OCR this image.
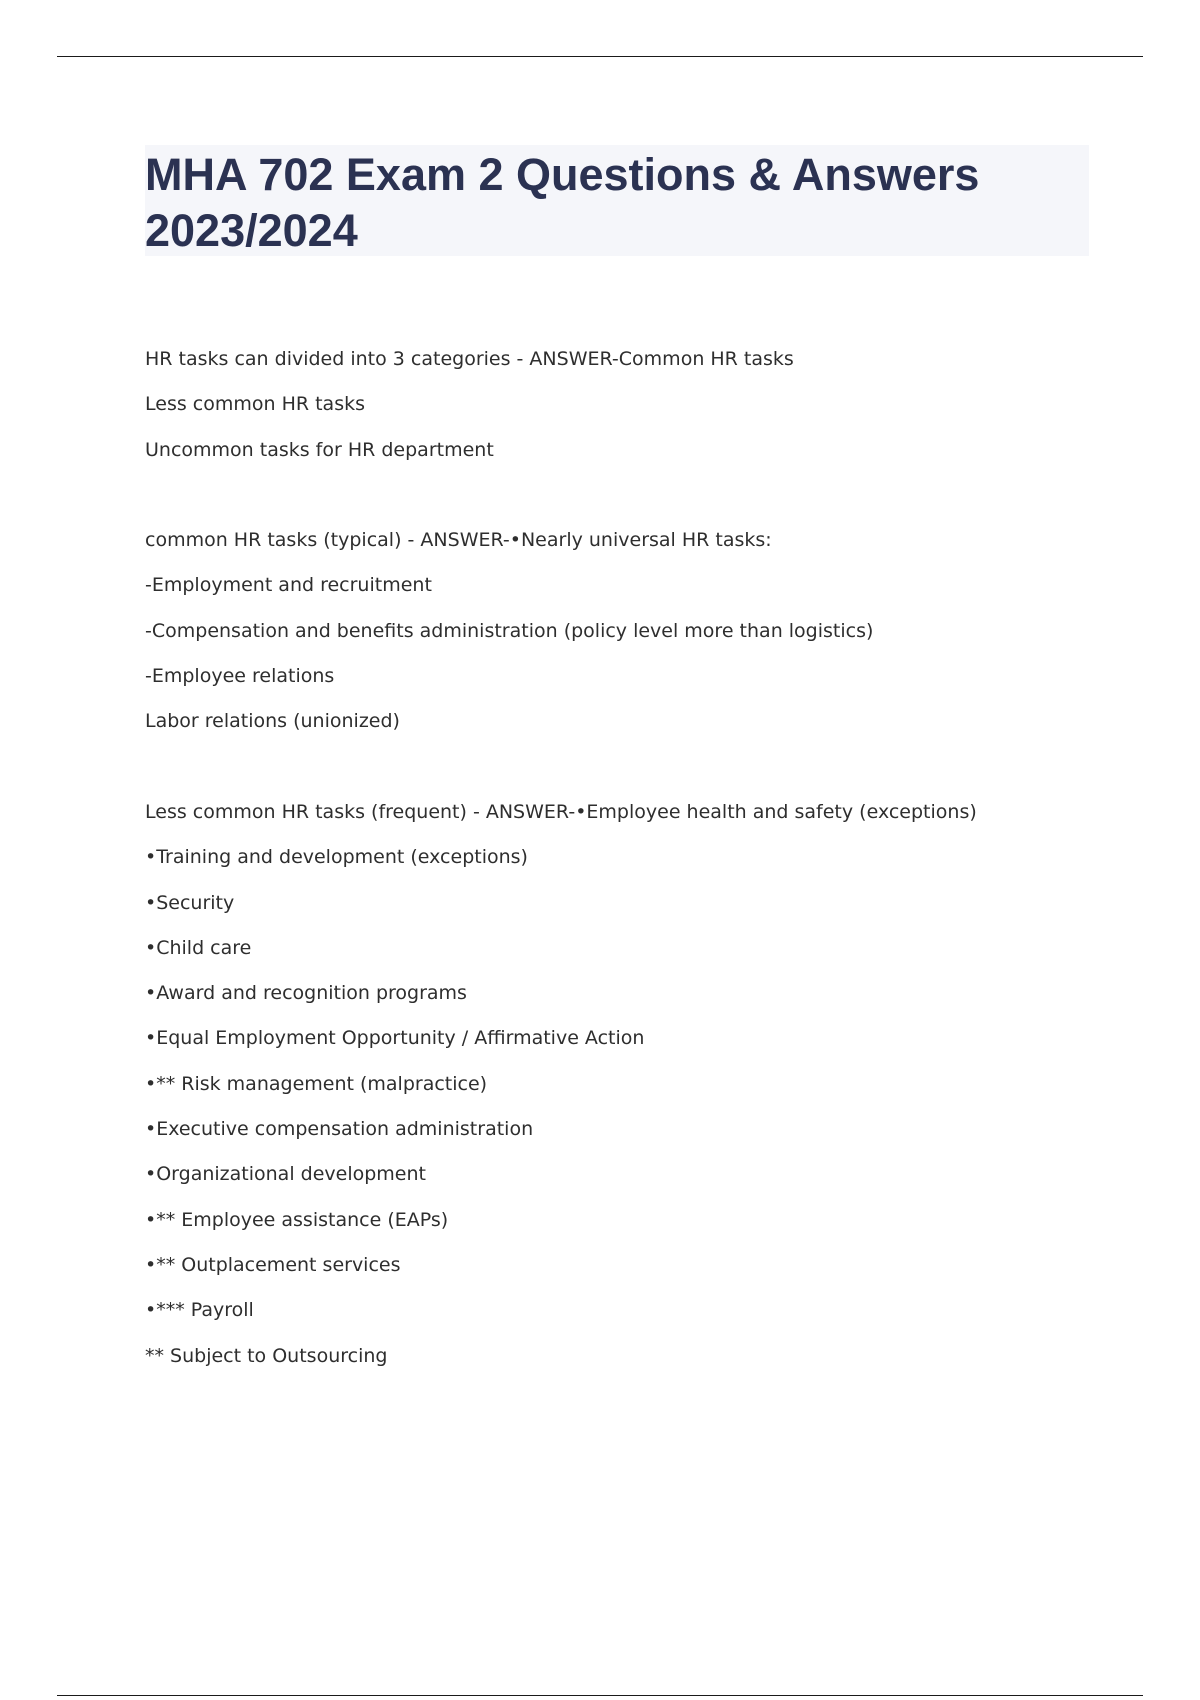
MHA 702 Exam 2 Questions & Answers 2023/2024
HR tasks can divided into 3 categories - ANSWER-Common HR tasks
Less common HR tasks
Uncommon tasks for HR department
common HR tasks (typical) - ANSWER-•Nearly universal HR tasks:
-Employment and recruitment
-Compensation and benefits administration (policy level more than logistics)
-Employee relations
Labor relations (unionized)
Less common HR tasks (frequent) - ANSWER-•Employee health and safety (exceptions)
•Training and development (exceptions)
•Security
•Child care
•Award and recognition programs
•Equal Employment Opportunity / Affirmative Action
•** Risk management (malpractice)
•Executive compensation administration
•Organizational development
•** Employee assistance (EAPs)
•** Outplacement services
•*** Payroll
** Subject to Outsourcing
